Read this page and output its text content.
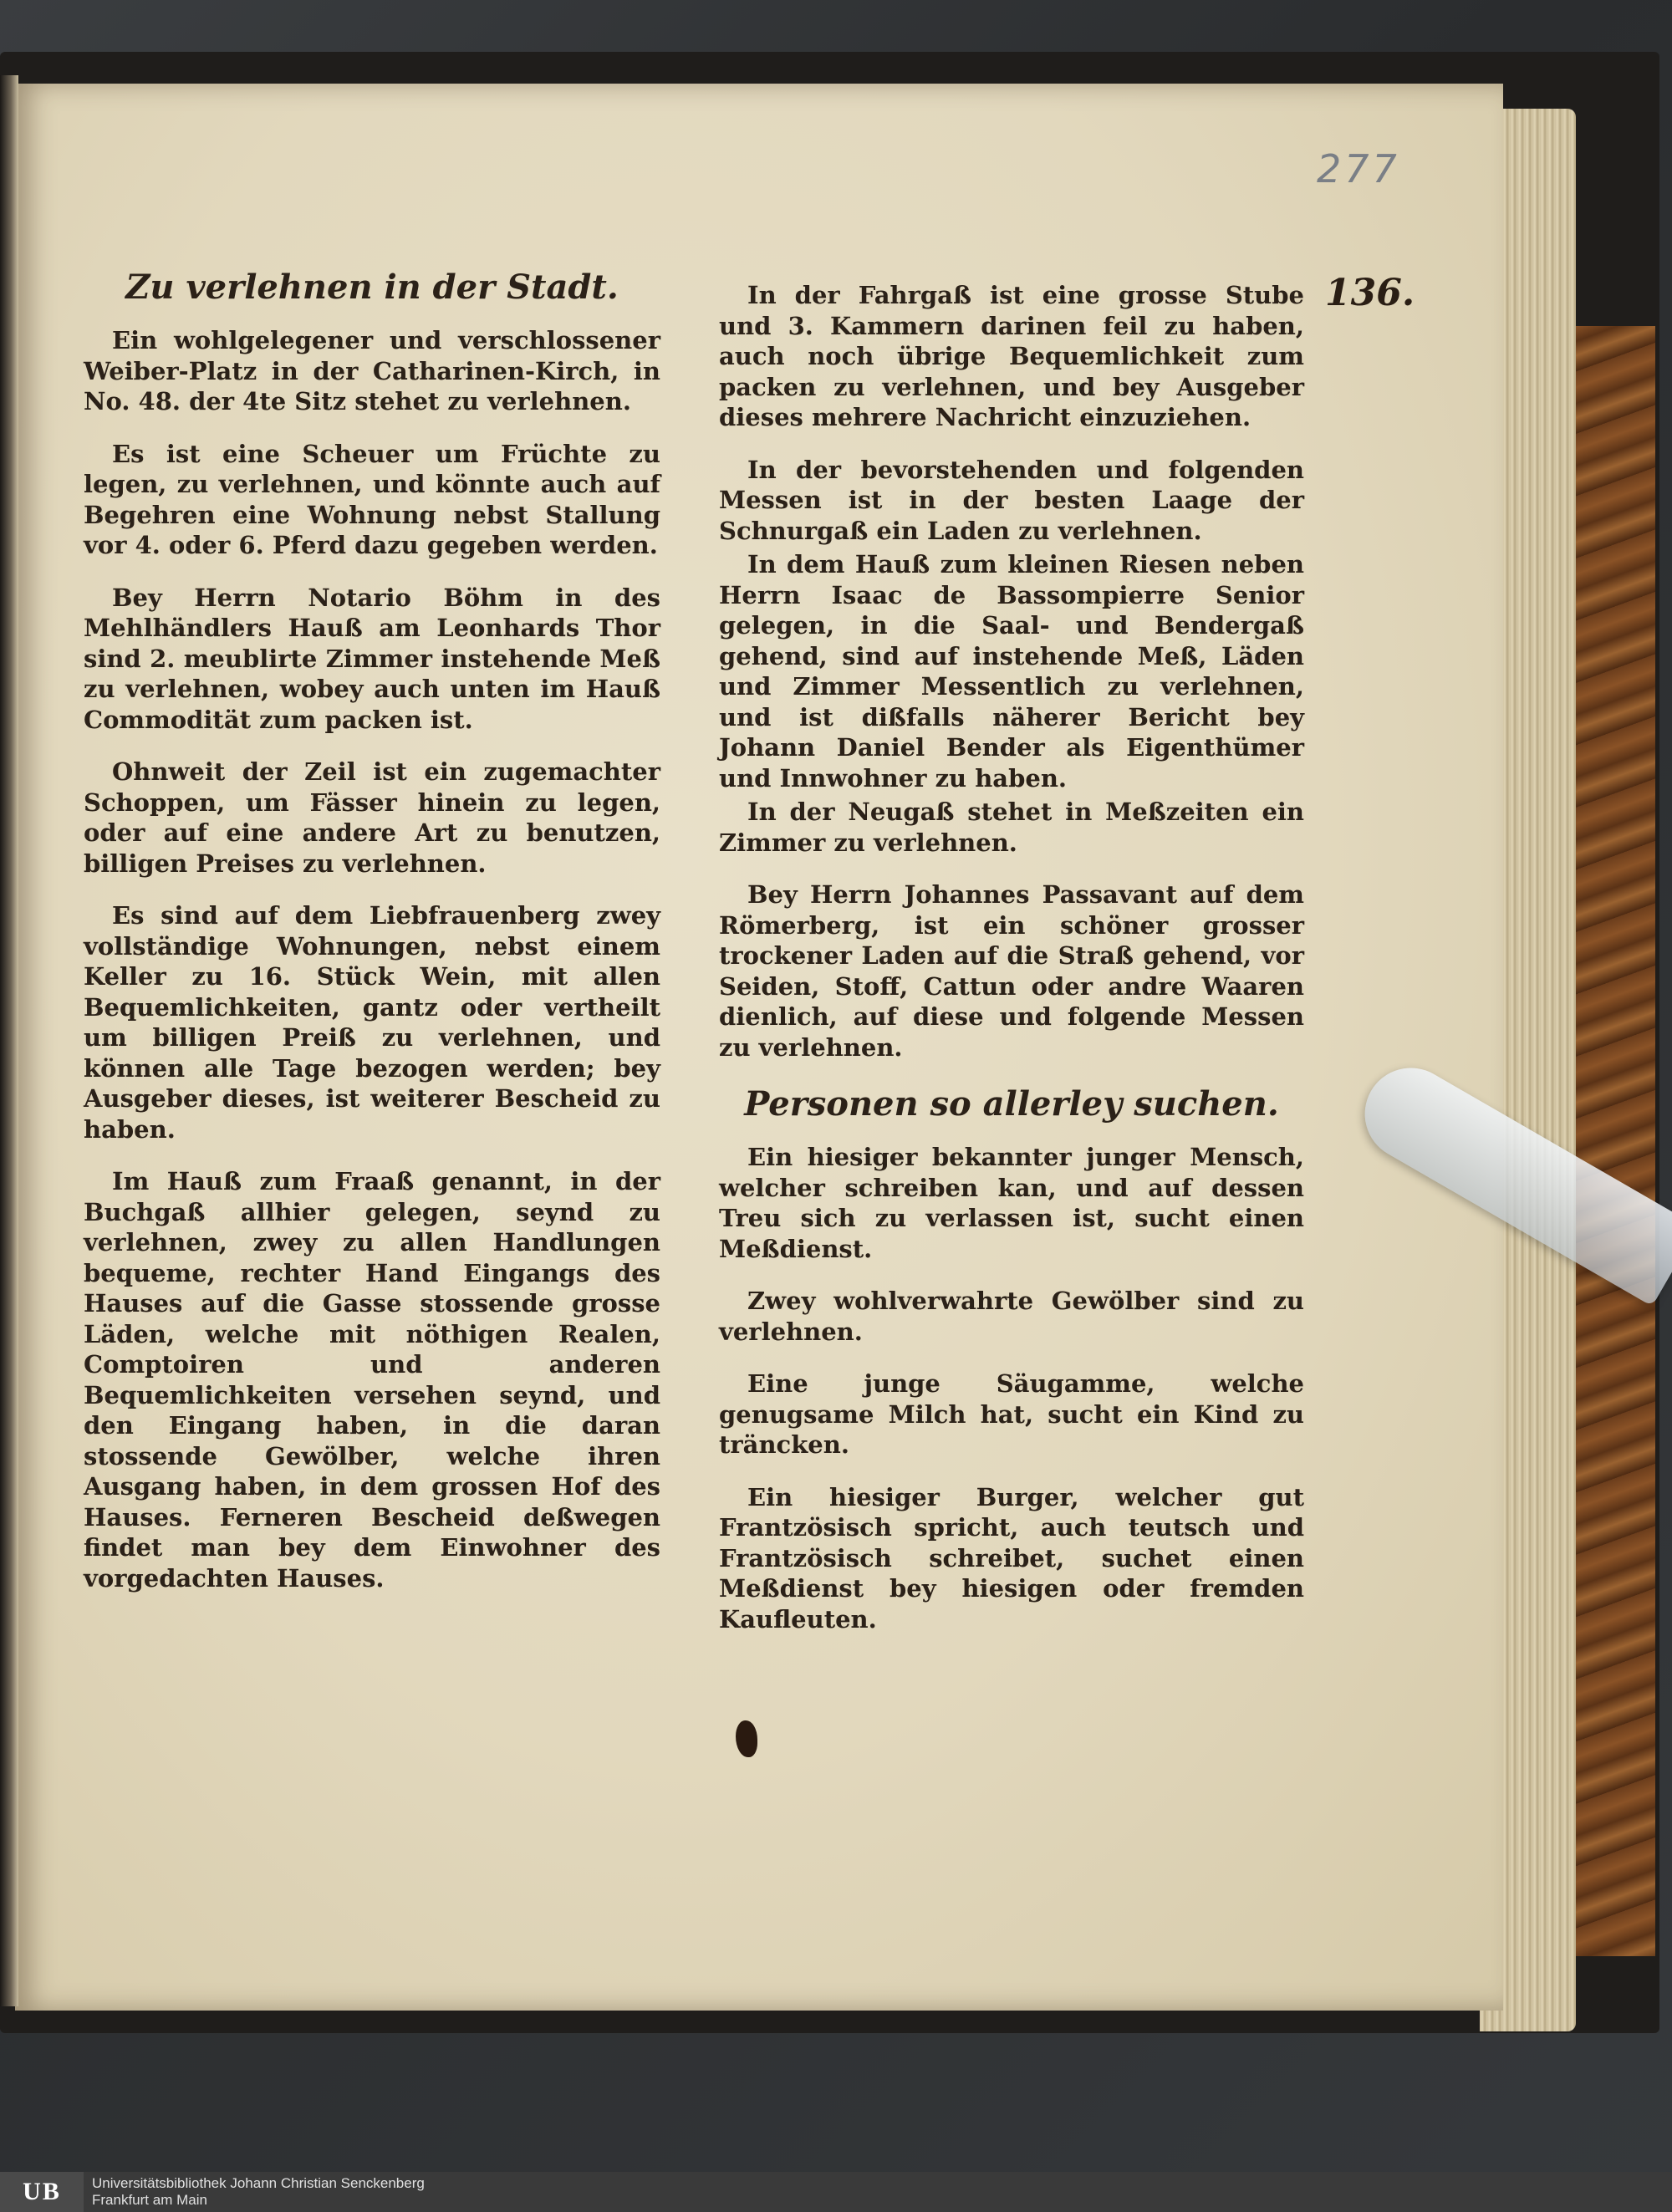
277
136.
Zu verlehnen in der Stadt.

Ein wohlgelegener und verschlossener Weiber-Platz in der Catharinen-Kirch, in No. 48. der 4te Sitz stehet zu verlehnen.

Es ist eine Scheuer um Früchte zu legen, zu verlehnen, und könnte auch auf Begehren eine Wohnung nebst Stallung vor 4. oder 6. Pferd dazu gegeben werden.

Bey Herrn Notario Böhm in des Mehlhändlers Hauß am Leonhards Thor sind 2. meublirte Zimmer instehende Meß zu verlehnen, wobey auch unten im Hauß Commodität zum packen ist.

Ohnweit der Zeil ist ein zugemachter Schoppen, um Fässer hinein zu legen, oder auf eine andere Art zu benutzen, billigen Preises zu verlehnen.

Es sind auf dem Liebfrauenberg zwey vollständige Wohnungen, nebst einem Keller zu 16. Stück Wein, mit allen Bequemlichkeiten, gantz oder vertheilt um billigen Preiß zu verlehnen, und können alle Tage bezogen werden; bey Ausgeber dieses, ist weiterer Bescheid zu haben.

Im Hauß zum Fraaß genannt, in der Buchgaß allhier gelegen, seynd zu verlehnen, zwey zu allen Handlungen bequeme, rechter Hand Eingangs des Hauses auf die Gasse stossende grosse Läden, welche mit nöthigen Realen, Comptoiren und anderen Bequemlichkeiten versehen seynd, und den Eingang haben, in die daran stossende Gewölber, welche ihren Ausgang haben, in dem grossen Hof des Hauses. Ferneren Bescheid deßwegen findet man bey dem Einwohner des vorgedachten Hauses.

In der Fahrgaß ist eine grosse Stube und 3. Kammern darinen feil zu haben, auch noch übrige Bequemlichkeit zum packen zu verlehnen, und bey Ausgeber dieses mehrere Nachricht einzuziehen.

In der bevorstehenden und folgenden Messen ist in der besten Laage der Schnurgaß ein Laden zu verlehnen.

In dem Hauß zum kleinen Riesen neben Herrn Isaac de Bassompierre Senior gelegen, in die Saal- und Bendergaß gehend, sind auf instehende Meß, Läden und Zimmer Messentlich zu verlehnen, und ist dißfalls näherer Bericht bey Johann Daniel Bender als Eigenthümer und Innwohner zu haben.

In der Neugaß stehet in Meßzeiten ein Zimmer zu verlehnen.

Bey Herrn Johannes Passavant auf dem Römerberg, ist ein schöner grosser trockener Laden auf die Straß gehend, vor Seiden, Stoff, Cattun oder andre Waaren dienlich, auf diese und folgende Messen zu verlehnen.

Personen so allerley suchen.

Ein hiesiger bekannter junger Mensch, welcher schreiben kan, und auf dessen Treu sich zu verlassen ist, sucht einen Meßdienst.

Zwey wohlverwahrte Gewölber sind zu verlehnen.

Eine junge Säugamme, welche genugsame Milch hat, sucht ein Kind zu träncken.

Ein hiesiger Burger, welcher gut Frantzösisch spricht, auch teutsch und Frantzösisch schreibet, suchet einen Meßdienst bey hiesigen oder fremden Kaufleuten.

UB	Universitätsbibliothek Johann Christian Senckenberg
Frankfurt am Main
